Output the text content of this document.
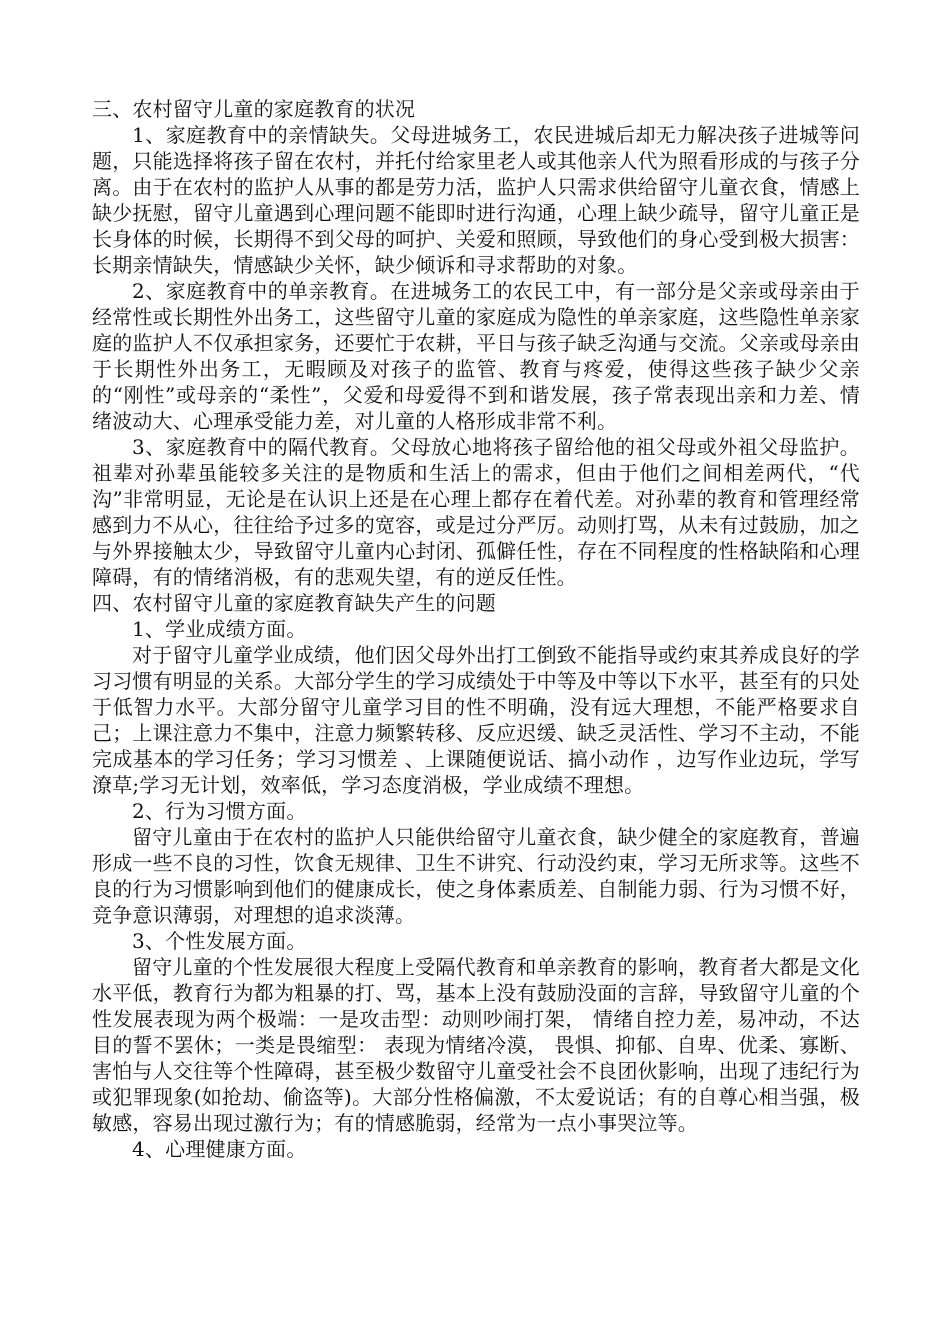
三、农村留守儿童的家庭教育的状况

1、家庭教育中的亲情缺失。父母进城务工，农民进城后却无力解决孩子进城等问题，只能选择将孩子留在农村，并托付给家里老人或其他亲人代为照看形成的与孩子分离。由于在农村的监护人从事的都是劳力活，监护人只需求供给留守儿童衣食，情感上缺少抚慰，留守儿童遇到心理问题不能即时进行沟通，心理上缺少疏导，留守儿童正是长身体的时候，长期得不到父母的呵护、关爱和照顾，导致他们的身心受到极大损害：长期亲情缺失，情感缺少关怀，缺少倾诉和寻求帮助的对象。

2、家庭教育中的单亲教育。在进城务工的农民工中，有一部分是父亲或母亲由于经常性或长期性外出务工，这些留守儿童的家庭成为隐性的单亲家庭，这些隐性单亲家庭的监护人不仅承担家务，还要忙于农耕，平日与孩子缺乏沟通与交流。父亲或母亲由于长期性外出务工，无暇顾及对孩子的监管、教育与疼爱，使得这些孩子缺少父亲的“刚性”或母亲的“柔性”，父爱和母爱得不到和谐发展，孩子常表现出亲和力差、情绪波动大、心理承受能力差，对儿童的人格形成非常不利。

3、家庭教育中的隔代教育。父母放心地将孩子留给他的祖父母或外祖父母监护。祖辈对孙辈虽能较多关注的是物质和生活上的需求，但由于他们之间相差两代，“代沟”非常明显，无论是在认识上还是在心理上都存在着代差。对孙辈的教育和管理经常感到力不从心，往往给予过多的宽容，或是过分严厉。动则打骂，从未有过鼓励，加之与外界接触太少，导致留守儿童内心封闭、孤僻任性，存在不同程度的性格缺陷和心理障碍，有的情绪消极，有的悲观失望，有的逆反任性。

四、农村留守儿童的家庭教育缺失产生的问题

1、学业成绩方面。

对于留守儿童学业成绩，他们因父母外出打工倒致不能指导或约束其养成良好的学习习惯有明显的关系。大部分学生的学习成绩处于中等及中等以下水平，甚至有的只处于低智力水平。大部分留守儿童学习目的性不明确，没有远大理想，不能严格要求自己；上课注意力不集中，注意力频繁转移、反应迟缓、缺乏灵活性、学习不主动，不能完成基本的学习任务；学习习惯差 、上课随便说话、搞小动作 ，边写作业边玩，学写潦草;学习无计划，效率低，学习态度消极，学业成绩不理想。

2、行为习惯方面。

留守儿童由于在农村的监护人只能供给留守儿童衣食，缺少健全的家庭教育，普遍形成一些不良的习性，饮食无规律、卫生不讲究、行动没约束，学习无所求等。这些不良的行为习惯影响到他们的健康成长，使之身体素质差、自制能力弱、行为习惯不好，竞争意识薄弱，对理想的追求淡薄。

3、个性发展方面。

留守儿童的个性发展很大程度上受隔代教育和单亲教育的影响，教育者大都是文化水平低，教育行为都为粗暴的打、骂，基本上没有鼓励没面的言辞，导致留守儿童的个性发展表现为两个极端：一是攻击型：动则吵闹打架， 情绪自控力差，易冲动，不达目的誓不罢休；一类是畏缩型： 表现为情绪冷漠， 畏惧、抑郁、自卑、优柔、寡断、害怕与人交往等个性障碍，甚至极少数留守儿童受社会不良团伙影响，出现了违纪行为或犯罪现象(如抢劫、偷盗等)。大部分性格偏激，不太爱说话；有的自尊心相当强，极敏感，容易出现过激行为；有的情感脆弱，经常为一点小事哭泣等。

4、心理健康方面。
